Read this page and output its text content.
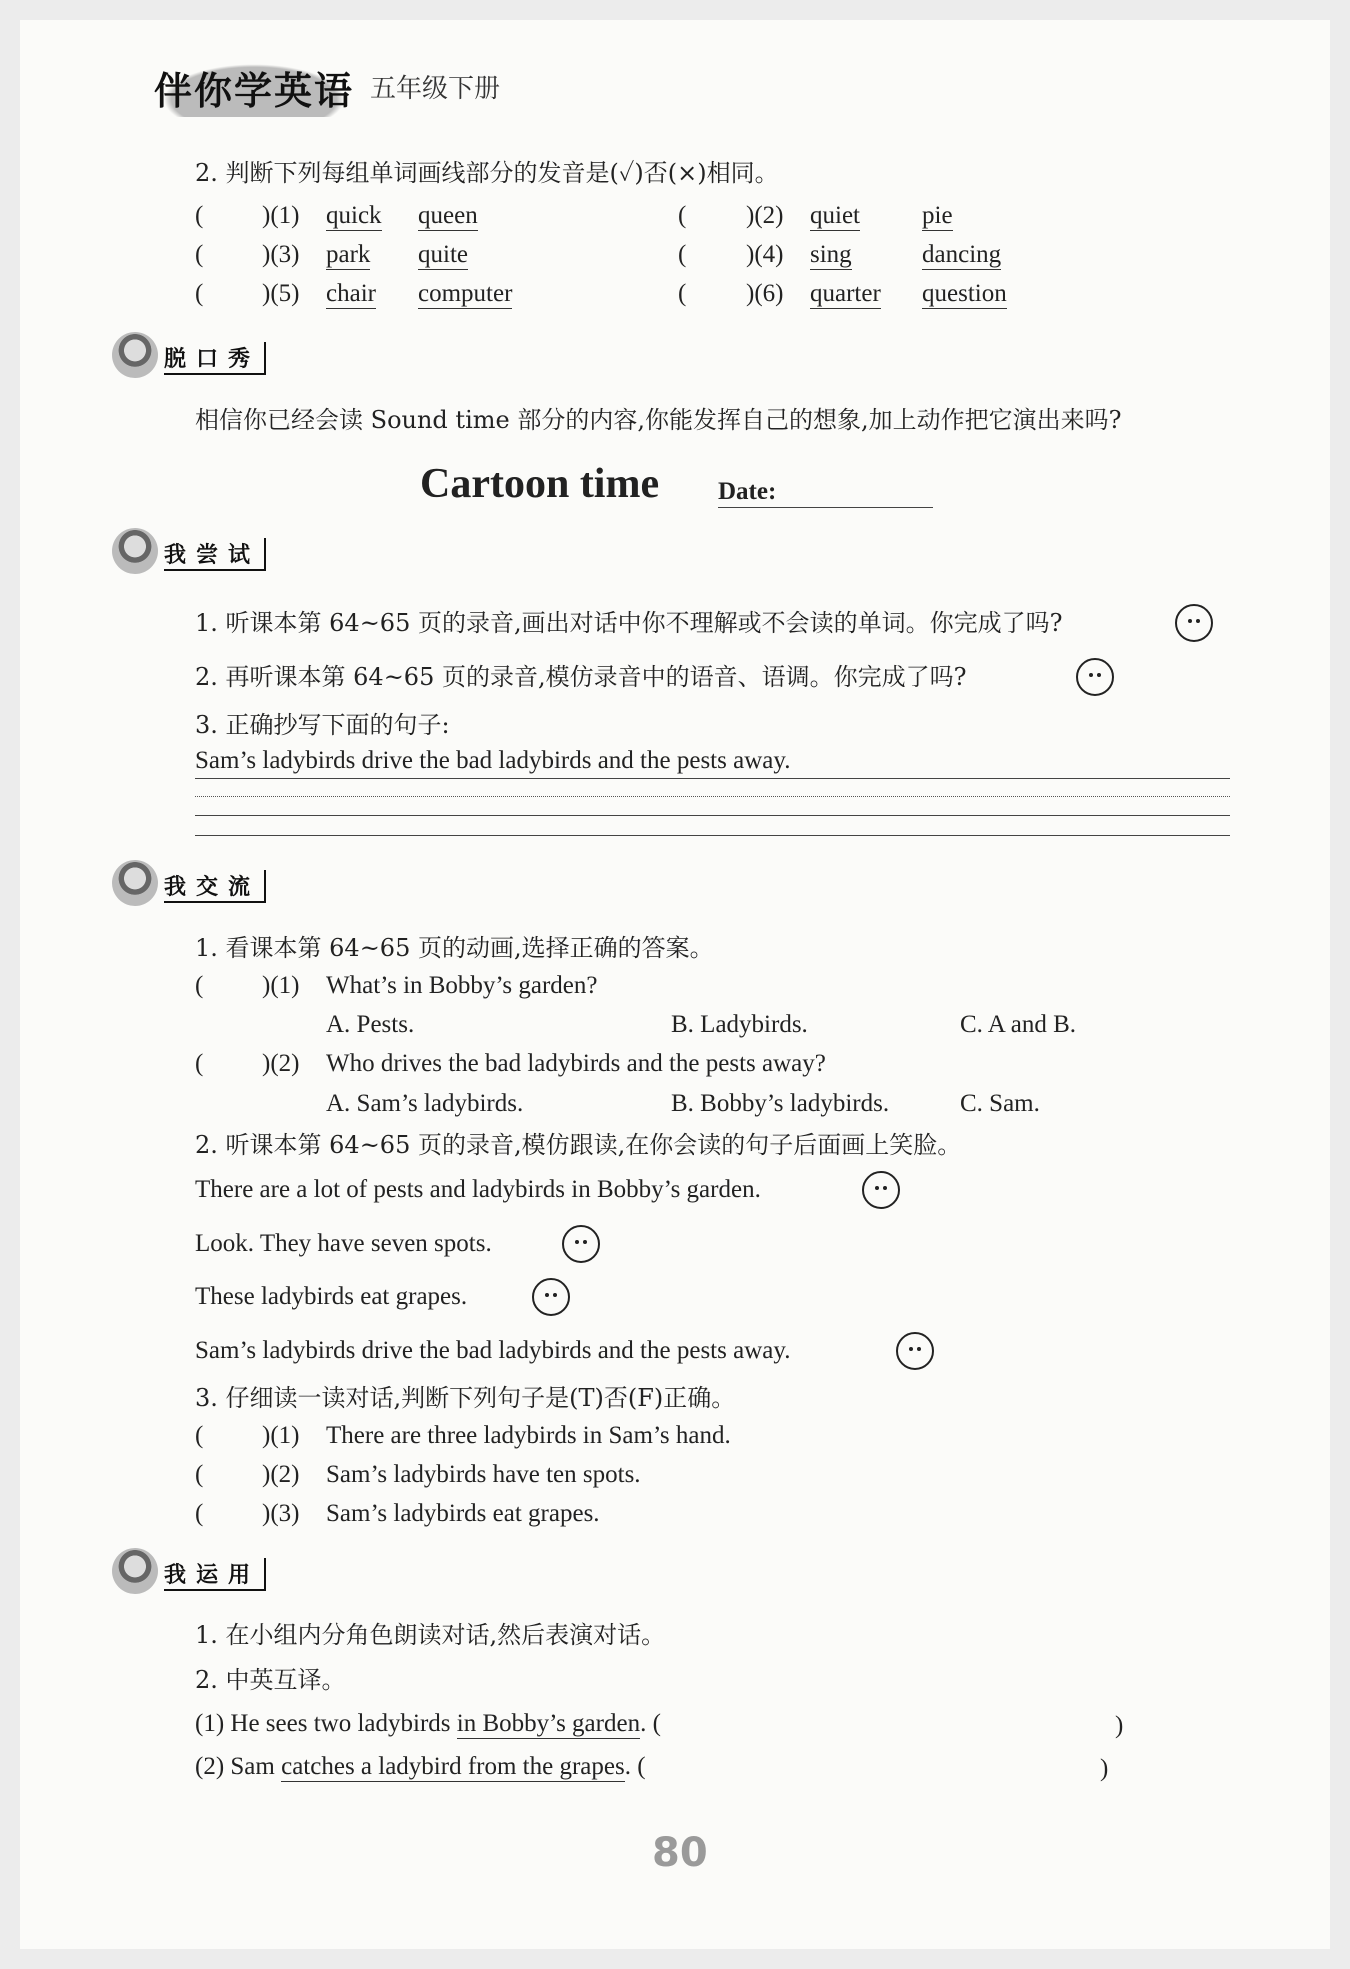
伴你学英语 五年级下册
2. 判断下列每组单词画线部分的发音是(✓)否(×)相同。
( )(1) quick queen	( )(2) quiet pie
( )(3) park quite	( )(4) sing	dancing
( )(5) chair computer	( )(6) quarter question
脱口秀
相信你已经会读 Sound time 部分的内容,你能发挥自己的想象,加上动作把它演出来吗?
Cartoon time Date:
我尝试
1. 听课本第 64~65 页的录音,画出对话中你不理解或不会读的单词。你完成了吗?
2. 再听课本第 64~65 页的录音,模仿录音中的语音、语调。你完成了吗?
3. 正确抄写下面的句子:
Sam’s ladybirds drive the bad ladybirds and the pests away.
我交流
1. 看课本第 64~65 页的动画,选择正确的答案。
( )(1) What’s in Bobby’s garden?
A. Pests.	B. Ladybirds.	C. A and B.
( )(2) Who drives the bad ladybirds and the pests away?
A. Sam’s ladybirds.	B. Bobby’s ladybirds.	C. Sam.
2. 听课本第 64~65 页的录音,模仿跟读,在你会读的句子后面画上笑脸。
There are a lot of pests and ladybirds in Bobby’s garden.
Look. They have seven spots.
These ladybirds eat grapes.
Sam’s ladybirds drive the bad ladybirds and the pests away.
3. 仔细读一读对话,判断下列句子是(T)否(F)正确。
( )(1) There are three ladybirds in Sam’s hand.
( )(2) Sam’s ladybirds have ten spots.
( )(3) Sam’s ladybirds eat grapes.
我运用
1. 在小组内分角色朗读对话,然后表演对话。
2. 中英互译。
(1) He sees two ladybirds in Bobby’s garden. (	)
(2) Sam catches a ladybird from the grapes. (	)
80
